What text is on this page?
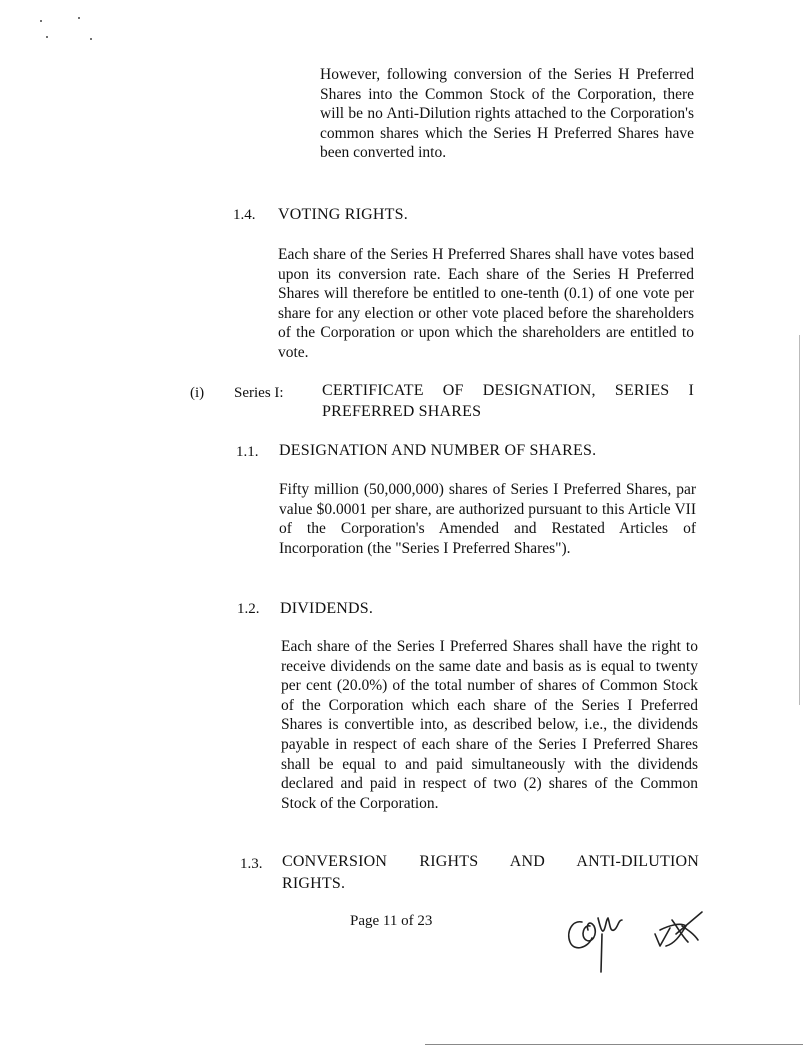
However, following conversion of the Series H Preferred Shares into the Common Stock of the Corporation, there will be no Anti-Dilution rights attached to the Corporation's common shares which the Series H Preferred Shares have been converted into.
1.4. VOTING RIGHTS.
Each share of the Series H Preferred Shares shall have votes based upon its conversion rate. Each share of the Series H Preferred Shares will therefore be entitled to one-tenth (0.1) of one vote per share for any election or other vote placed before the shareholders of the Corporation or upon which the shareholders are entitled to vote.
(i) Series I: CERTIFICATE OF DESIGNATION, SERIES I
PREFERRED SHARES
1.1. DESIGNATION AND NUMBER OF SHARES.
Fifty million (50,000,000) shares of Series I Preferred Shares, par value $0.0001 per share, are authorized pursuant to this Article VII of the Corporation's Amended and Restated Articles of Incorporation (the "Series I Preferred Shares").
1.2. DIVIDENDS.
Each share of the Series I Preferred Shares shall have the right to receive dividends on the same date and basis as is equal to twenty per cent (20.0%) of the total number of shares of Common Stock of the Corporation which each share of the Series I Preferred Shares is convertible into, as described below, i.e., the dividends payable in respect of each share of the Series I Preferred Shares shall be equal to and paid simultaneously with the dividends declared and paid in respect of two (2) shares of the Common Stock of the Corporation.
1.3. CONVERSION RIGHTS AND ANTI-DILUTION
RIGHTS.
Page 11 of 23
